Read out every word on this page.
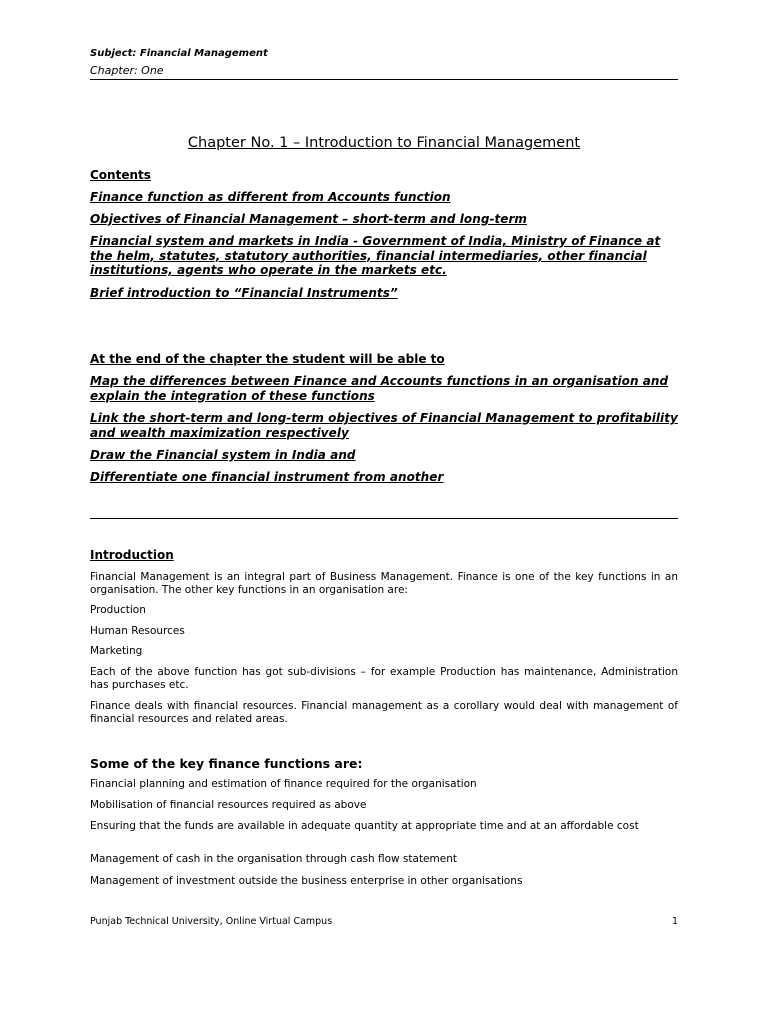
Subject: Financial Management
Chapter: One
Chapter No. 1 – Introduction to Financial Management
Contents
Finance function as different from Accounts function
Objectives of Financial Management – short-term and long-term
Financial system and markets in India - Government of India, Ministry of Finance at the helm, statutes, statutory authorities, financial intermediaries, other financial institutions, agents who operate in the markets etc.
Brief introduction to “Financial Instruments”
At the end of the chapter the student will be able to
Map the differences between Finance and Accounts functions in an organisation and explain the integration of these functions
Link the short-term and long-term objectives of Financial Management to profitability and wealth maximization respectively
Draw the Financial system in India and
Differentiate one financial instrument from another
Introduction
Financial Management is an integral part of Business Management. Finance is one of the key functions in an organisation. The other key functions in an organisation are:
Production
Human Resources
Marketing
Each of the above function has got sub-divisions – for example Production has maintenance, Administration has purchases etc.
Finance deals with financial resources. Financial management as a corollary would deal with management of financial resources and related areas.
Some of the key finance functions are:
Financial planning and estimation of finance required for the organisation
Mobilisation of financial resources required as above
Ensuring that the funds are available in adequate quantity at appropriate time and at an affordable cost
Management of cash in the organisation through cash flow statement
Management of investment outside the business enterprise in other organisations
Punjab Technical University, Online Virtual Campus	1
